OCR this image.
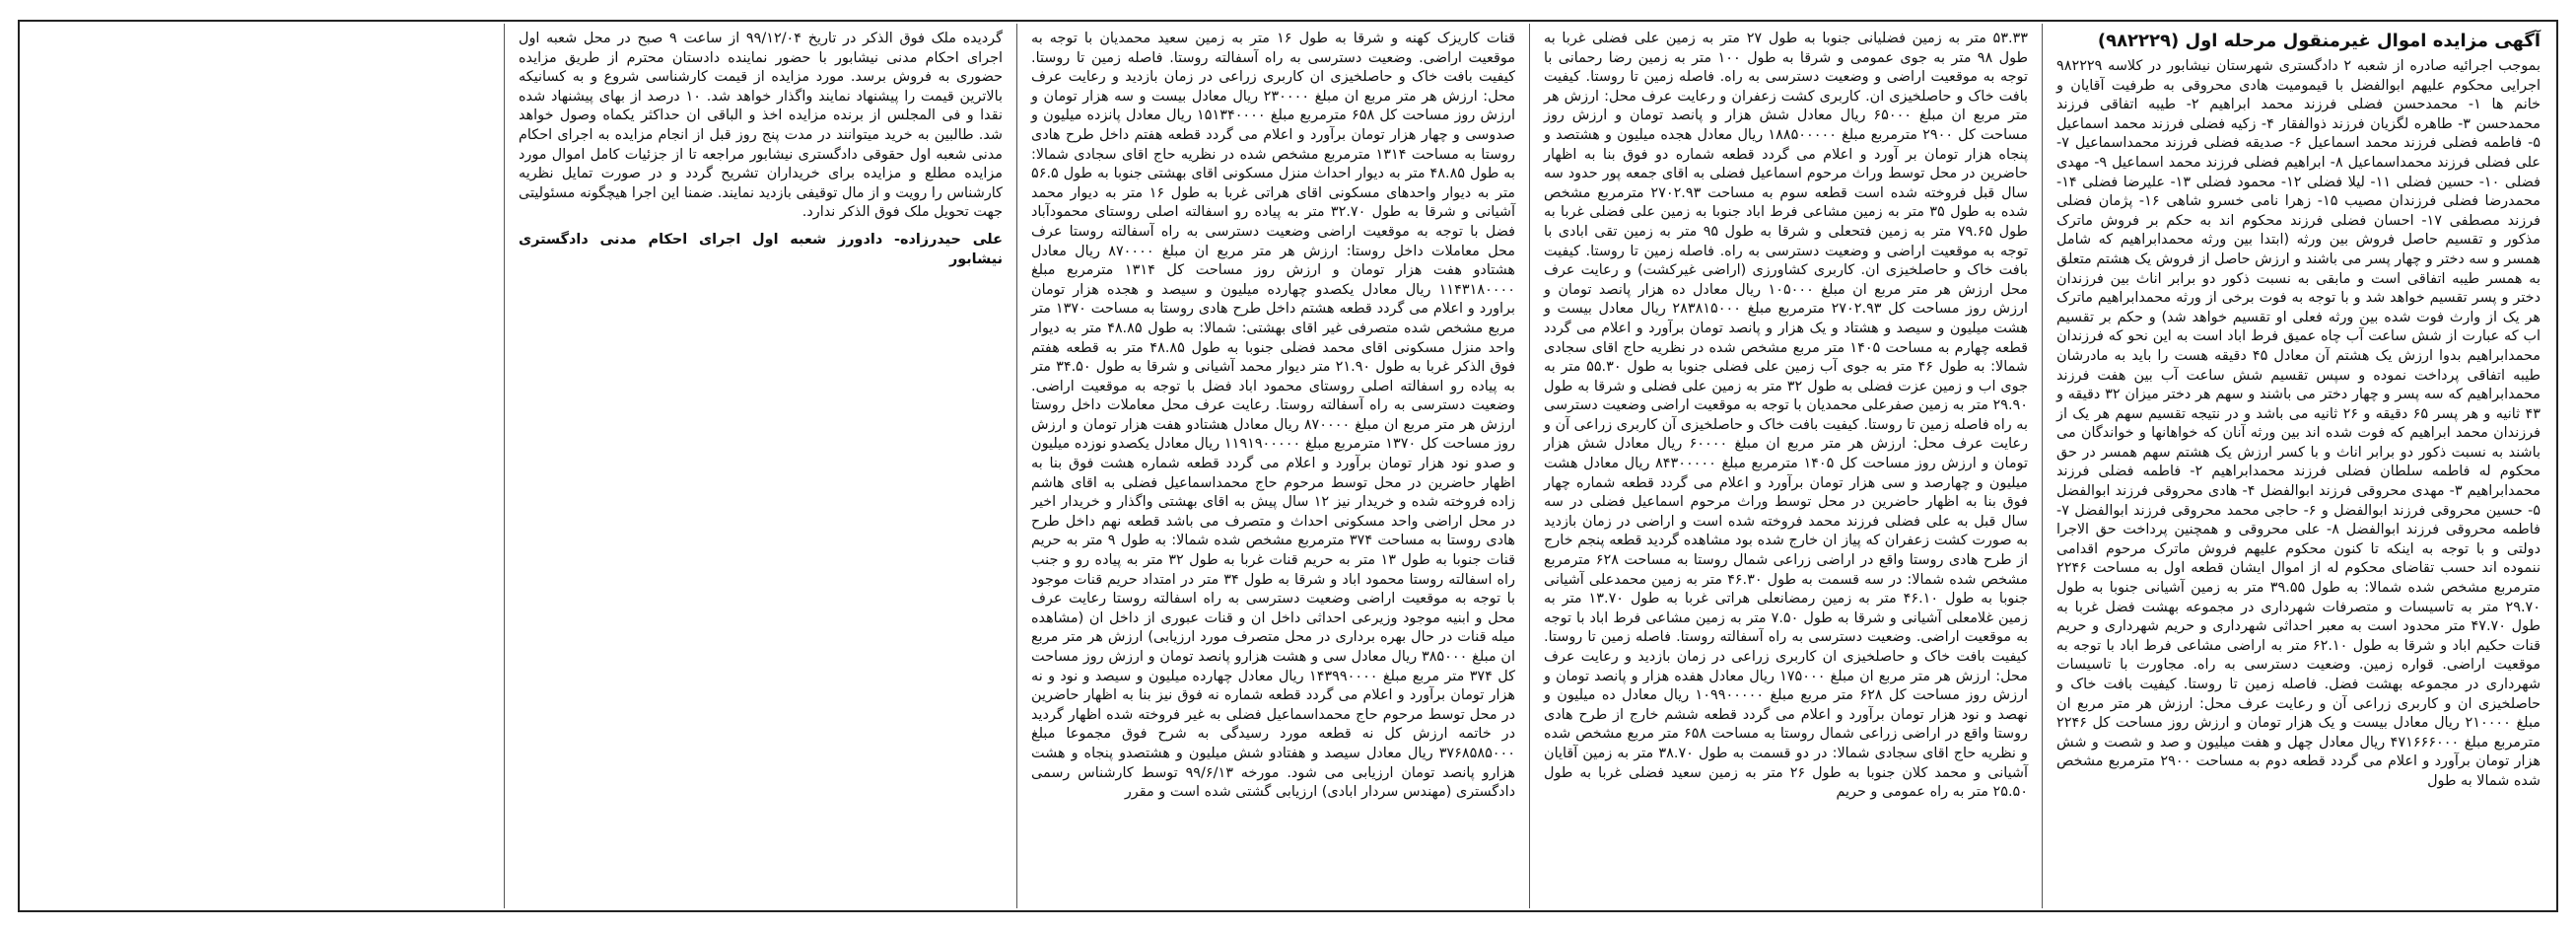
آگهی مزایده اموال غیرمنقول مرحله اول (۹۸۲۲۲۹)

بموجب اجرائیه صادره از شعبه ۲ دادگستری شهرستان نیشابور در کلاسه ۹۸۲۲۲۹ اجرایی محکوم علیهم ابوالفضل با قیمومیت هادی محروقی به طرفیت آقایان و خانم ها ۱- محمدحسن فضلی فرزند محمد ابراهیم ۲- طیبه اتفاقی فرزند محمدحسن ۳- طاهره لگزیان فرزند ذوالفقار ۴- زکیه فضلی فرزند محمد اسماعیل ۵- فاطمه فضلی فرزند محمد اسماعیل ۶- صدیقه فضلی فرزند محمداسماعیل ۷- علی فضلی فرزند محمداسماعیل ۸- ابراهیم فضلی فرزند محمد اسماعیل ۹- مهدی فضلی ۱۰- حسین فضلی ۱۱- لیلا فضلی ۱۲- محمود فضلی ۱۳- علیرضا فضلی ۱۴- محمدرضا فضلی فرزندان مصیب ۱۵- زهرا نامی خسرو شاهی ۱۶- پژمان فضلی فرزند مصطفی ۱۷- احسان فضلی فرزند محکوم اند به حکم بر فروش ماترک مذکور و تقسیم حاصل فروش بین ورثه (ابتدا بین ورثه محمدابراهیم که شامل همسر و سه دختر و چهار پسر می باشند و ارزش حاصل از فروش یک هشتم متعلق به همسر طیبه اتفاقی است و مابقی به نسبت ذکور دو برابر اناث بین فرزندان دختر و پسر تقسیم خواهد شد و با توجه به فوت برخی از ورثه محمدابراهیم ماترک هر یک از وارث فوت شده بین ورثه فعلی او تقسیم خواهد شد) و حکم بر تقسیم اب که عبارت از شش ساعت آب چاه عمیق فرط اباد است به این نحو که فرزندان محمدابراهیم بدوا ارزش یک هشتم آن معادل ۴۵ دقیقه هست را باید به مادرشان طیبه اتفاقی پرداخت نموده و سپس تقسیم شش ساعت آب بین هفت فرزند محمدابراهیم که سه پسر و چهار دختر می باشند و سهم هر دختر میزان ۳۲ دقیقه و ۴۳ ثانیه و هر پسر ۶۵ دقیقه و ۲۶ ثانیه می باشد و در نتیجه تقسیم سهم هر یک از فرزندان محمد ابراهیم که فوت شده اند بین ورثه آنان که خواهانها و خواندگان می باشند به نسبت ذکور دو برابر اناث و با کسر ارزش یک هشتم سهم همسر در حق محکوم له فاطمه سلطان فضلی فرزند محمدابراهیم ۲- فاطمه فضلی فرزند محمدابراهیم ۳- مهدی محروقی فرزند ابوالفضل ۴- هادی محروقی فرزند ابوالفضل ۵- حسین محروقی فرزند ابوالفضل و ۶- حاجی محمد محروقی فرزند ابوالفضل ۷- فاطمه محروقی فرزند ابوالفضل ۸- علی محروقی و همچنین پرداخت حق الاجرا دولتی و با توجه به اینکه تا کنون محکوم علیهم فروش ماترک مرحوم اقدامی ننموده اند حسب تقاضای محکوم له از اموال ایشان قطعه اول به مساحت ۲۲۴۶ مترمربع مشخص شده شمالا: به طول ۳۹.۵۵ متر به زمین آشیانی جنوبا به طول ۲۹.۷۰ متر به تاسیسات و متصرفات شهرداری در مجموعه بهشت فضل غربا به طول ۴۷.۷۰ متر محدود است به معبر احداثی شهرداری و حریم شهرداری و حریم قنات حکیم اباد و شرقا به طول ۶۲.۱۰ متر به اراضی مشاعی فرط اباد با توجه به موقعیت اراضی. قواره زمین. وضعیت دسترسی به راه. مجاورت با تاسیسات شهرداری در مجموعه بهشت فضل. فاصله زمین تا روستا. کیفیت بافت خاک و حاصلخیزی ان و کاربری زراعی آن و رعایت عرف محل: ارزش هر متر مربع ان مبلغ ۲۱۰۰۰۰ ریال معادل بیست و یک هزار تومان و ارزش روز مساحت کل ۲۲۴۶ مترمربع مبلغ ۴۷۱۶۶۶۰۰۰ ریال معادل چهل و هفت میلیون و صد و شصت و شش هزار تومان برآورد و اعلام می گردد قطعه دوم به مساحت ۲۹۰۰ مترمربع مشخص شده شمالا به طول

۵۳.۳۳ متر به زمین فضلیانی جنوبا به طول ۲۷ متر به زمین علی فضلی غربا به طول ۹۸ متر به جوی عمومی و شرقا به طول ۱۰۰ متر به زمین رضا رحمانی با توجه به موقعیت اراضی و وضعیت دسترسی به راه. فاصله زمین تا روستا. کیفیت بافت خاک و حاصلخیزی ان. کاربری کشت زعفران و رعایت عرف محل: ارزش هر متر مربع ان مبلغ ۶۵۰۰۰ ریال معادل شش هزار و پانصد تومان و ارزش روز مساحت کل ۲۹۰۰ مترمربع مبلغ ۱۸۸۵۰۰۰۰۰ ریال معادل هجده میلیون و هشتصد و پنجاه هزار تومان بر آورد و اعلام می گردد قطعه شماره دو فوق بنا به اظهار حاضرین در محل توسط وراث مرحوم اسماعیل فضلی به اقای جمعه پور حدود سه سال قبل فروخته شده است قطعه سوم به مساحت ۲۷۰۲.۹۳ مترمربع مشخص شده به طول ۳۵ متر به زمین مشاعی فرط اباد جنوبا به زمین علی فضلی غربا به طول ۷۹.۶۵ متر به زمین فتحعلی و شرقا به طول ۹۵ متر به زمین تقی ابادی با توجه به موقعیت اراضی و وضعیت دسترسی به راه. فاصله زمین تا روستا. کیفیت بافت خاک و حاصلخیزی ان. کاربری کشاورزی (اراضی غیرکشت) و رعایت عرف محل ارزش هر متر مربع ان مبلغ ۱۰۵۰۰۰ ریال معادل ده هزار پانصد تومان و ارزش روز مساحت کل ۲۷۰۲.۹۳ مترمربع مبلغ ۲۸۳۸۱۵۰۰۰ ریال معادل بیست و هشت میلیون و سیصد و هشتاد و یک هزار و پانصد تومان برآورد و اعلام می گردد قطعه چهارم به مساحت ۱۴۰۵ متر مربع مشخص شده در نظریه حاج اقای سجادی شمالا: به طول ۴۶ متر به جوی آب زمین علی فضلی جنوبا به طول ۵۵.۳۰ متر به جوی اب و زمین عزت فضلی به طول ۳۲ متر به زمین علی فضلی و شرقا به طول ۲۹.۹۰ متر به زمین صفرعلی محمدیان با توجه به موقعیت اراضی وضعیت دسترسی به راه فاصله زمین تا روستا. کیفیت بافت خاک و حاصلخیزی آن کاربری زراعی آن و رعایت عرف محل: ارزش هر متر مربع ان مبلغ ۶۰۰۰۰ ریال معادل شش هزار تومان و ارزش روز مساحت کل ۱۴۰۵ مترمربع مبلغ ۸۴۳۰۰۰۰۰ ریال معادل هشت میلیون و چهارصد و سی هزار تومان برآورد و اعلام می گردد قطعه شماره چهار فوق بنا به اظهار حاضرین در محل توسط وراث مرحوم اسماعیل فضلی در سه سال قبل به علی فضلی فرزند محمد فروخته شده است و اراضی در زمان بازدید به صورت کشت زعفران که پیاز ان خارج شده بود مشاهده گردید قطعه پنجم خارج از طرح هادی روستا واقع در اراضی زراعی شمال روستا به مساحت ۶۲۸ مترمربع مشخص شده شمالا: در سه قسمت به طول ۴۶.۳۰ متر به زمین محمدعلی آشیانی جنوبا به طول ۴۶.۱۰ متر به زمین رمضانعلی هراتی غربا به طول ۱۳.۷۰ متر به زمین غلامعلی آشیانی و شرقا به طول ۷.۵۰ متر به زمین مشاعی فرط اباد با توجه به موقعیت اراضی. وضعیت دسترسی به راه آسفالته روستا. فاصله زمین تا روستا. کیفیت بافت خاک و حاصلخیزی ان کاربری زراعی در زمان بازدید و رعایت عرف محل: ارزش هر متر مربع ان مبلغ ۱۷۵۰۰۰ ریال معادل هفده هزار و پانصد تومان و ارزش روز مساحت کل ۶۲۸ متر مربع مبلغ ۱۰۹۹۰۰۰۰۰ ریال معادل ده میلیون و نهصد و نود هزار تومان برآورد و اعلام می گردد قطعه ششم خارج از طرح هادی روستا واقع در اراضی زراعی شمال روستا به مساحت ۶۵۸ متر مربع مشخص شده و نظریه حاج اقای سجادی شمالا: در دو قسمت به طول ۳۸.۷۰ متر به زمین آقایان آشیانی و محمد کلان جنوبا به طول ۲۶ متر به زمین سعید فضلی غربا به طول ۲۵.۵۰ متر به راه عمومی و حریم

قنات کاریزک کهنه و شرقا به طول ۱۶ متر به زمین سعید محمدیان با توجه به موقعیت اراضی. وضعیت دسترسی به راه آسفالته روستا. فاصله زمین تا روستا. کیفیت بافت خاک و حاصلخیزی ان کاربری زراعی در زمان بازدید و رعایت عرف محل: ارزش هر متر مربع ان مبلغ ۲۳۰۰۰۰ ریال معادل بیست و سه هزار تومان و ارزش روز مساحت کل ۶۵۸ مترمربع مبلغ ۱۵۱۳۴۰۰۰۰ ریال معادل پانزده میلیون و صدوسی و چهار هزار تومان برآورد و اعلام می گردد قطعه هفتم داخل طرح هادی روستا به مساحت ۱۳۱۴ مترمربع مشخص شده در نظریه حاج اقای سجادی شمالا: به طول ۴۸.۸۵ متر به دیوار احداث منزل مسکونی اقای بهشتی جنوبا به طول ۵۶.۵ متر به دیوار واحدهای مسکونی اقای هراتی غربا به طول ۱۶ متر به دیوار محمد آشیانی و شرقا به طول ۳۲.۷۰ متر به پیاده رو اسفالته اصلی روستای محمودآباد فضل با توجه به موقعیت اراضی وضعیت دسترسی به راه آسفالته روستا عرف محل معاملات داخل روستا: ارزش هر متر مربع ان مبلغ ۸۷۰۰۰۰ ریال معادل هشتادو هفت هزار تومان و ارزش روز مساحت کل ۱۳۱۴ مترمربع مبلغ ۱۱۴۳۱۸۰۰۰۰ ریال معادل یکصدو چهارده میلیون و سیصد و هجده هزار تومان براورد و اعلام می گردد قطعه هشتم داخل طرح هادی روستا به مساحت ۱۳۷۰ متر مربع مشخص شده متصرفی غیر اقای بهشتی: شمالا: به طول ۴۸.۸۵ متر به دیوار واحد منزل مسکونی اقای محمد فضلی جنوبا به طول ۴۸.۸۵ متر به قطعه هفتم فوق الذکر غربا به طول ۲۱.۹۰ متر دیوار محمد آشیانی و شرقا به طول ۳۴.۵۰ متر به پیاده رو اسفالته اصلی روستای محمود اباد فضل با توجه به موقعیت اراضی. وضعیت دسترسی به راه آسفالته روستا. رعایت عرف محل معاملات داخل روستا ارزش هر متر مربع ان مبلغ ۸۷۰۰۰۰ ریال معادل هشتادو هفت هزار تومان و ارزش روز مساحت کل ۱۳۷۰ مترمربع مبلغ ۱۱۹۱۹۰۰۰۰۰ ریال معادل یکصدو نوزده میلیون و صدو نود هزار تومان برآورد و اعلام می گردد قطعه شماره هشت فوق بنا به اظهار حاضرین در محل توسط مرحوم حاج محمداسماعیل فضلی به اقای هاشم زاده فروخته شده و خریدار نیز ۱۲ سال پیش به اقای بهشتی واگذار و خریدار اخیر در محل اراضی واحد مسکونی احداث و متصرف می باشد قطعه نهم داخل طرح هادی روستا به مساحت ۳۷۴ مترمربع مشخص شده شمالا: به طول ۹ متر به حریم قنات جنوبا به طول ۱۳ متر به حریم قنات غربا به طول ۳۲ متر به پیاده رو و جنب راه اسفالته روستا محمود اباد و شرقا به طول ۳۴ متر در امتداد حریم قنات موجود با توجه به موقعیت اراضی وضعیت دسترسی به راه اسفالته روستا رعایت عرف محل و ابنیه موجود وزیرعی احداثی داخل ان و قنات عبوری از داخل ان (مشاهده میله قنات در حال بهره برداری در محل متصرف مورد ارزیابی) ارزش هر متر مربع ان مبلغ ۳۸۵۰۰۰ ریال معادل سی و هشت هزارو پانصد تومان و ارزش روز مساحت کل ۳۷۴ متر مربع مبلغ ۱۴۳۹۹۰۰۰۰ ریال معادل چهارده میلیون و سیصد و نود و نه هزار تومان برآورد و اعلام می گردد قطعه شماره نه فوق نیز بنا به اظهار حاضرین در محل توسط مرحوم حاج محمداسماعیل فضلی به غیر فروخته شده اظهار گردید در خاتمه ارزش کل نه قطعه مورد رسیدگی به شرح فوق مجموعا مبلغ ۳۷۶۸۵۸۵۰۰۰ ریال معادل سیصد و هفتادو شش میلیون و هشتصدو پنجاه و هشت هزارو پانصد تومان ارزیابی می شود. مورخه ۹۹/۶/۱۳ توسط کارشناس رسمی دادگستری (مهندس سردار ابادی) ارزیابی گشتی شده است و مقرر

گردیده ملک فوق الذکر در تاریخ ۹۹/۱۲/۰۴ از ساعت ۹ صبح در محل شعبه اول اجرای احکام مدنی نیشابور با حضور نماینده دادستان محترم از طریق مزایده حضوری به فروش برسد. مورد مزایده از قیمت کارشناسی شروع و به کسانیکه بالاترین قیمت را پیشنهاد نمایند واگذار خواهد شد. ۱۰ درصد از بهای پیشنهاد شده نقدا و فی المجلس از برنده مزایده اخذ و الباقی ان حداکثر یکماه وصول خواهد شد. طالبین به خرید میتوانند در مدت پنج روز قبل از انجام مزایده به اجرای احکام مدنی شعبه اول حقوقی دادگستری نیشابور مراجعه تا از جزئیات کامل اموال مورد مزایده مطلع و مزایده برای خریداران تشریح گردد و در صورت تمایل نظریه کارشناس را رویت و از مال توقیفی بازدید نمایند. ضمنا این اجرا هیچگونه مسئولیتی جهت تحویل ملک فوق الذکر ندارد.

علی حیدرزاده- دادورز شعبه اول اجرای احکام مدنی دادگستری نیشابور
